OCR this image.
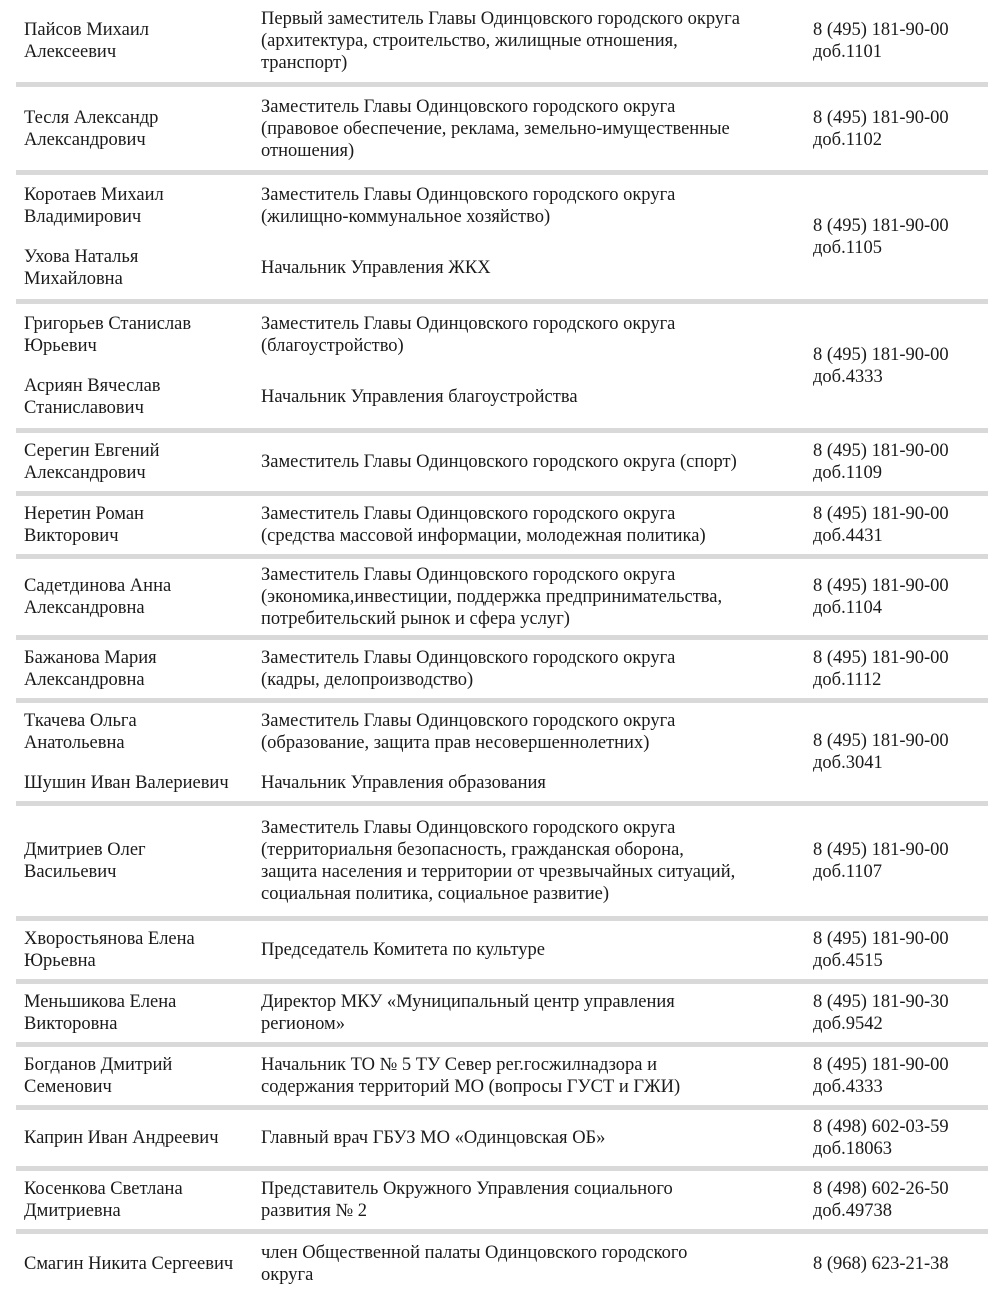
Пайсов Михаил
Алексеевич
Первый заместитель Главы Одинцовского городского округа
(архитектура, строительство, жилищные отношения,
транспорт)
8 (495) 181-90-00
доб.1101
Тесля Александр
Александрович
Заместитель Главы Одинцовского городского округа
(правовое обеспечение, реклама, земельно-имущественные
отношения)
8 (495) 181-90-00
доб.1102
Коротаев Михаил
Владимирович
Заместитель Главы Одинцовского городского округа
(жилищно-коммунальное хозяйство)
Ухова Наталья
Михайловна
Начальник Управления ЖКХ
8 (495) 181-90-00
доб.1105
Григорьев Станислав
Юрьевич
Заместитель Главы Одинцовского городского округа
(благоустройство)
Асриян Вячеслав
Станиславович
Начальник Управления благоустройства
8 (495) 181-90-00
доб.4333
Серегин Евгений
Александрович
Заместитель Главы Одинцовского городского округа (спорт)
8 (495) 181-90-00
доб.1109
Неретин Роман
Викторович
Заместитель Главы Одинцовского городского округа
(средства массовой информации, молодежная политика)
8 (495) 181-90-00
доб.4431
Садетдинова Анна
Александровна
Заместитель Главы Одинцовского городского округа
(экономика,инвестиции, поддержка предпринимательства,
потребительский рынок и сфера услуг)
8 (495) 181-90-00
доб.1104
Бажанова Мария
Александровна
Заместитель Главы Одинцовского городского округа
(кадры, делопроизводство)
8 (495) 181-90-00
доб.1112
Ткачева Ольга
Анатольевна
Заместитель Главы Одинцовского городского округа
(образование, защита прав несовершеннолетних)
Шушин Иван Валериевич	Начальник Управления образования
8 (495) 181-90-00
доб.3041
Дмитриев Олег
Васильевич
Заместитель Главы Одинцовского городского округа
(территориальня безопасность, гражданская оборона,
защита населения и территории от чрезвычайных ситуаций,
социальная политика, социальное развитие)
8 (495) 181-90-00
доб.1107
Хворостьянова Елена
Юрьевна
Председатель Комитета по культуре
8 (495) 181-90-00
доб.4515
Меньшикова Елена
Викторовна
Директор МКУ «Муниципальный центр управления
регионом»
8 (495) 181-90-30
доб.9542
Богданов Дмитрий
Семенович
Начальник ТО № 5 ТУ Север рег.госжилнадзора и
содержания территорий МО (вопросы ГУСТ и ГЖИ)
8 (495) 181-90-00
доб.4333
Каприн Иван Андреевич	Главный врач ГБУЗ МО «Одинцовская ОБ»
8 (498) 602-03-59
доб.18063
Косенкова Светлана
Дмитриевна
Представитель Окружного Управления социального
развития № 2
8 (498) 602-26-50
доб.49738
Смагин Никита Сергеевич
член Общественной палаты Одинцовского городского
округа
8 (968) 623-21-38
